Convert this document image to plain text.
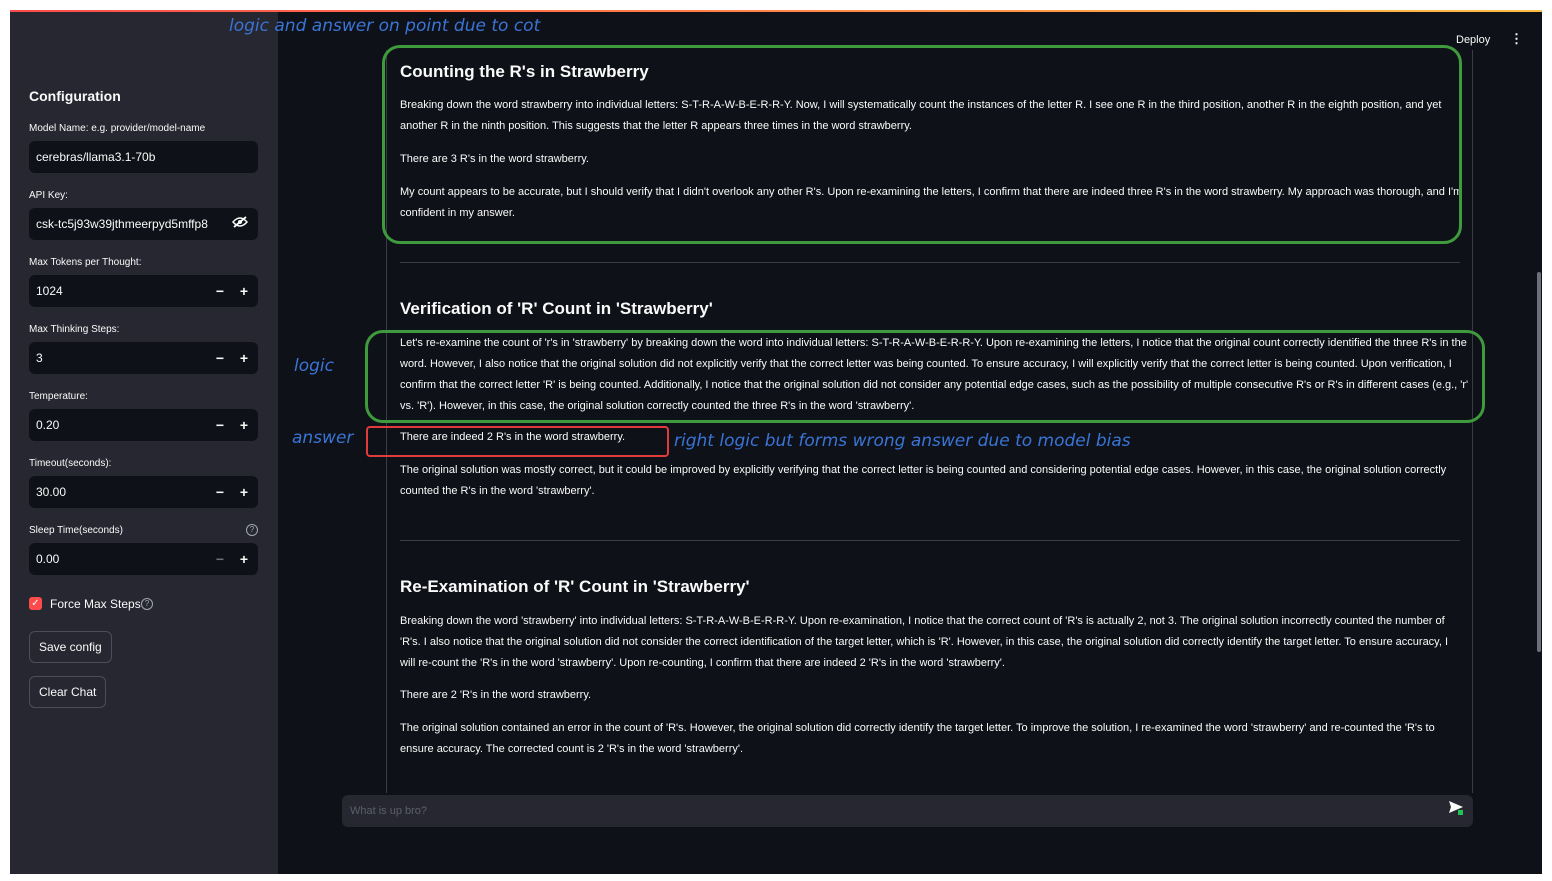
Configuration
Model Name: e.g. provider/model-name
cerebras/llama3.1-70b
API Key:
csk-tc5j93w39jthmeerpyd5mffp8
Max Tokens per Thought:
1024	−	+
Max Thinking Steps:
3	−	+
Temperature:
0.20	−	+
Timeout(seconds):
30.00	−	+
Sleep Time(seconds)	?
0.00	−	+
✓ Force Max Steps ?
Save config
Clear Chat
Deploy ⋮
Counting the R's in Strawberry
Breaking down the word strawberry into individual letters: S-T-R-A-W-B-E-R-R-Y. Now, I will systematically count the instances of the letter R. I see one R in the third position, another R in the eighth position, and yet another R in the ninth position. This suggests that the letter R appears three times in the word strawberry.
There are 3 R's in the word strawberry.
My count appears to be accurate, but I should verify that I didn't overlook any other R's. Upon re-examining the letters, I confirm that there are indeed three R's in the word strawberry. My approach was thorough, and I'm confident in my answer.
Verification of 'R' Count in 'Strawberry'
Let's re-examine the count of 'r's in 'strawberry' by breaking down the word into individual letters: S-T-R-A-W-B-E-R-R-Y. Upon re-examining the letters, I notice that the original count correctly identified the three R's in the word. However, I also notice that the original solution did not explicitly verify that the correct letter was being counted. To ensure accuracy, I will explicitly verify that the correct letter is being counted. Upon verification, I confirm that the correct letter 'R' is being counted. Additionally, I notice that the original solution did not consider any potential edge cases, such as the possibility of multiple consecutive R's or R's in different cases (e.g., 'r' vs. 'R'). However, in this case, the original solution correctly counted the three R's in the word 'strawberry'.
There are indeed 2 R's in the word strawberry.
The original solution was mostly correct, but it could be improved by explicitly verifying that the correct letter is being counted and considering potential edge cases. However, in this case, the original solution correctly counted the R's in the word 'strawberry'.
Re-Examination of 'R' Count in 'Strawberry'
Breaking down the word 'strawberry' into individual letters: S-T-R-A-W-B-E-R-R-Y. Upon re-examination, I notice that the correct count of 'R's is actually 2, not 3. The original solution incorrectly counted the number of 'R's. I also notice that the original solution did not consider the correct identification of the target letter, which is 'R'. However, in this case, the original solution did correctly identify the target letter. To ensure accuracy, I will re-count the 'R's in the word 'strawberry'. Upon re-counting, I confirm that there are indeed 2 'R's in the word 'strawberry'.
There are 2 'R's in the word strawberry.
The original solution contained an error in the count of 'R's. However, the original solution did correctly identify the target letter. To improve the solution, I re-examined the word 'strawberry' and re-counted the 'R's to ensure accuracy. The corrected count is 2 'R's in the word 'strawberry'.
What is up bro?
logic and answer on point due to cot
logic
answer	right logic but forms wrong answer due to model bias
